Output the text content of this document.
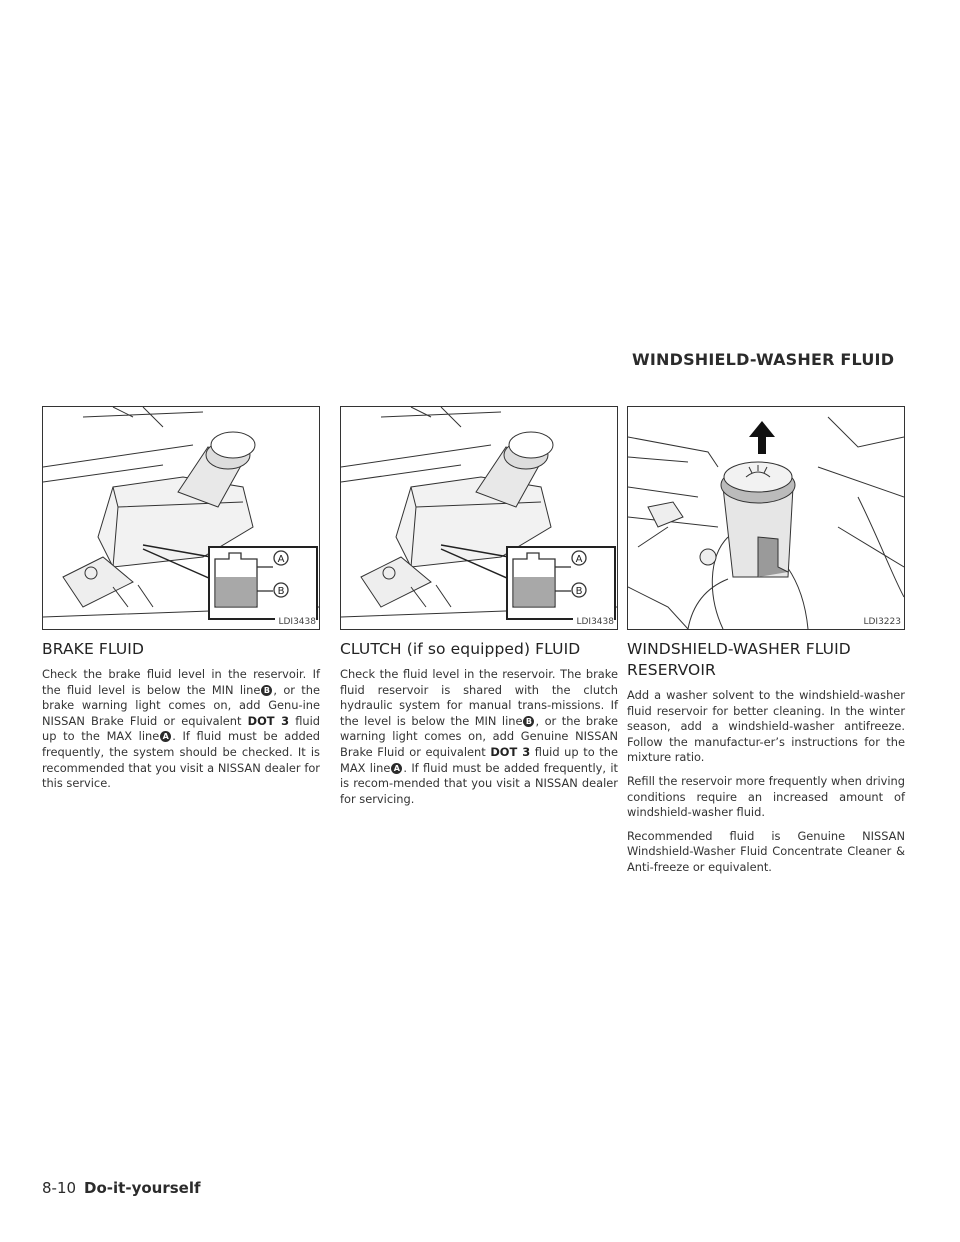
WINDSHIELD-WASHER FLUID
A
B
LDI3438
BRAKE FLUID

Check the brake fluid level in the reservoir. If the fluid level is below the MIN line B , or the brake warning light comes on, add Genu-ine NISSAN Brake Fluid or equivalent DOT 3 fluid up to the MAX line A . If fluid must be added frequently, the system should be checked. It is recommended that you visit a NISSAN dealer for this service.

A
B
LDI3438
CLUTCH (if so equipped) FLUID

Check the fluid level in the reservoir. The brake fluid reservoir is shared with the clutch hydraulic system for manual trans-missions. If the level is below the MIN line B , or the brake warning light comes on, add Genuine NISSAN Brake Fluid or equivalent DOT 3 fluid up to the MAX line A . If fluid must be added frequently, it is recom-mended that you visit a NISSAN dealer for servicing.

LDI3223
WINDSHIELD-WASHER FLUID RESERVOIR

Add a washer solvent to the windshield-washer fluid reservoir for better cleaning. In the winter season, add a windshield-washer antifreeze. Follow the manufactur-er’s instructions for the mixture ratio.

Refill the reservoir more frequently when driving conditions require an increased amount of windshield-washer fluid.

Recommended fluid is Genuine NISSAN Windshield-Washer Fluid Concentrate Cleaner & Anti-freeze or equivalent.

8-10 Do-it-yourself
